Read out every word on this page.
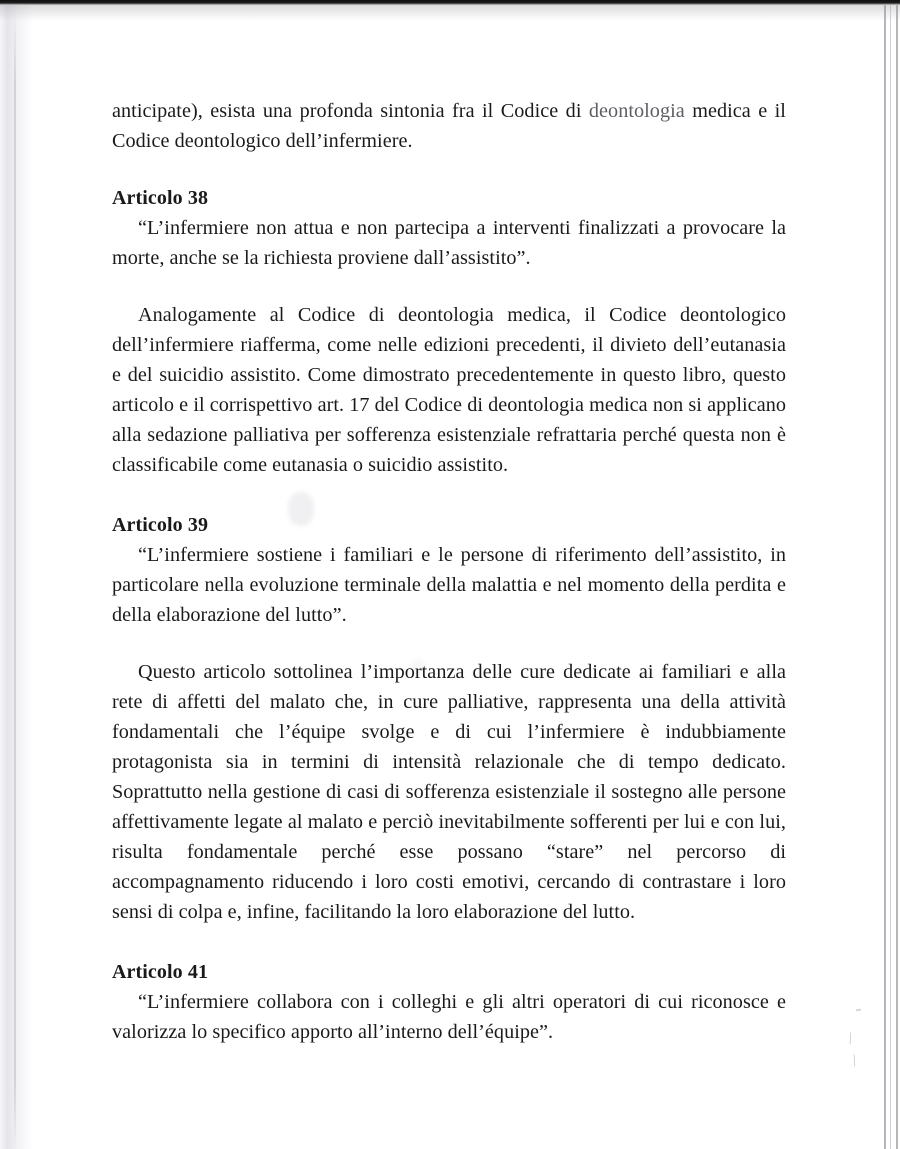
anticipate), esista una profonda sintonia fra il Codice di deontologia medica e il Codice deontologico dell’infermiere.

Articolo 38

“L’infermiere non attua e non partecipa a interventi finalizzati a provocare la morte, anche se la richiesta proviene dall’assistito”.

Analogamente al Codice di deontologia medica, il Codice deontologico dell’infermiere riafferma, come nelle edizioni precedenti, il divieto dell’eutanasia e del suicidio assistito. Come dimostrato precedentemente in questo libro, questo articolo e il corrispettivo art. 17 del Codice di deontologia medica non si applicano alla sedazione palliativa per sofferenza esistenziale refrattaria perché questa non è classificabile come eutanasia o suicidio assistito.

Articolo 39

“L’infermiere sostiene i familiari e le persone di riferimento dell’assistito, in particolare nella evoluzione terminale della malattia e nel momento della perdita e della elaborazione del lutto”.

Questo articolo sottolinea l’importanza delle cure dedicate ai familiari e alla rete di affetti del malato che, in cure palliative, rappresenta una della attività fondamentali che l’équipe svolge e di cui l’infermiere è indubbiamente protagonista sia in termini di intensità relazionale che di tempo dedicato. Soprattutto nella gestione di casi di sofferenza esistenziale il sostegno alle persone affettivamente legate al malato e perciò inevitabilmente sofferenti per lui e con lui, risulta fondamentale perché esse possano “stare” nel percorso di accompagnamento riducendo i loro costi emotivi, cercando di contrastare i loro sensi di colpa e, infine, facilitando la loro elaborazione del lutto.

Articolo 41

“L’infermiere collabora con i colleghi e gli altri operatori di cui riconosce e valorizza lo specifico apporto all’interno dell’équipe”.	\
\
